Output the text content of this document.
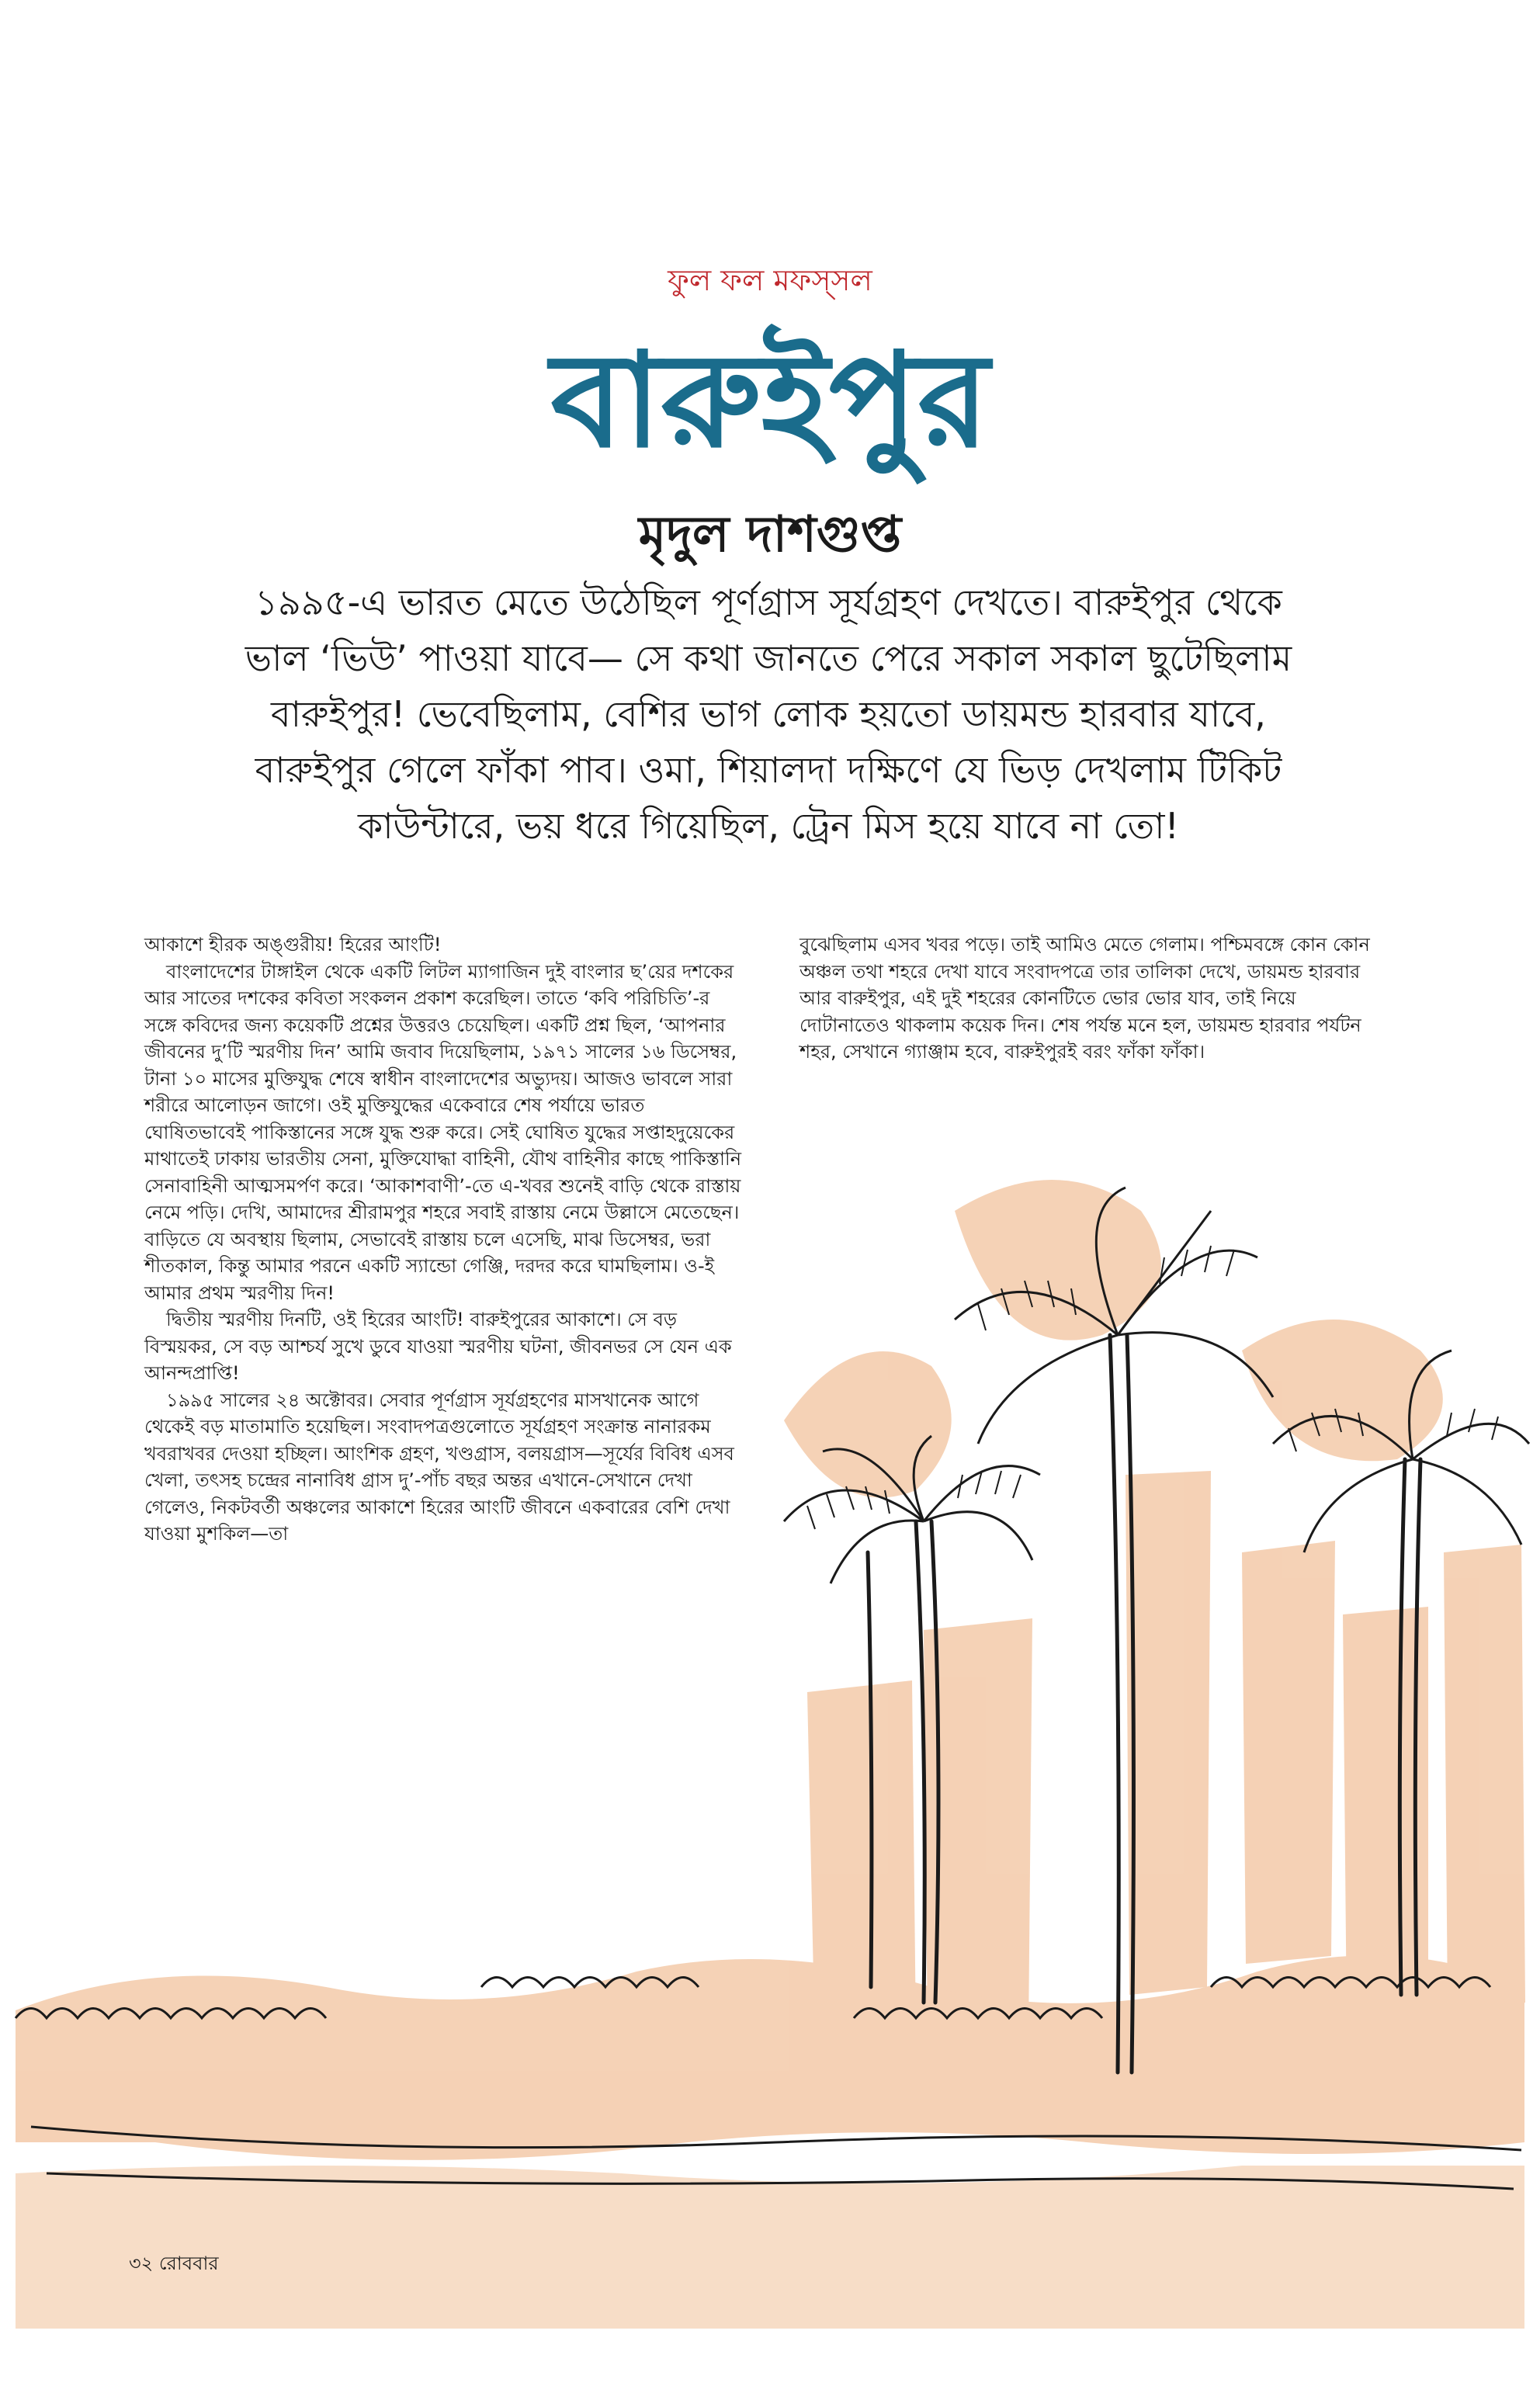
ফুল ফল মফস্‌সল
বারুইপুর
মৃদুল দাশগুপ্ত

১৯৯৫-এ ভারত মেতে উঠেছিল পূর্ণগ্রাস সূর্যগ্রহণ দেখতে। বারুইপুর থেকে

ভাল ‘ভিউ’ পাওয়া যাবে— সে কথা জানতে পেরে সকাল সকাল ছুটেছিলাম

বারুইপুর! ভেবেছিলাম, বেশির ভাগ লোক হয়তো ডায়মন্ড হারবার যাবে,

বারুইপুর গেলে ফাঁকা পাব। ওমা, শিয়ালদা দক্ষিণে যে ভিড় দেখলাম টিকিট

কাউন্টারে, ভয় ধরে গিয়েছিল, ট্রেন মিস হয়ে যাবে না তো!

আকাশে হীরক অঙ্গুরীয়! হিরের আংটি!

বাংলাদেশের টাঙ্গাইল থেকে একটি লিটল ম্যাগাজিন দুই বাংলার ছ’য়ের দশকের আর সাতের দশকের কবিতা সংকলন প্রকাশ করেছিল। তাতে ‘কবি পরিচিতি’-র সঙ্গে কবিদের জন্য কয়েকটি প্রশ্নের উত্তরও চেয়েছিল। একটি প্রশ্ন ছিল, ‘আপনার জীবনের দু’টি স্মরণীয় দিন’ আমি জবাব দিয়েছিলাম, ১৯৭১ সালের ১৬ ডিসেম্বর, টানা ১০ মাসের মুক্তিযুদ্ধ শেষে স্বাধীন বাংলাদেশের অভ্যুদয়। আজও ভাবলে সারা শরীরে আলোড়ন জাগে। ওই মুক্তিযুদ্ধের একেবারে শেষ পর্যায়ে ভারত ঘোষিতভাবেই পাকিস্তানের সঙ্গে যুদ্ধ শুরু করে। সেই ঘোষিত যুদ্ধের সপ্তাহদুয়েকের মাথাতেই ঢাকায় ভারতীয় সেনা, মুক্তিযোদ্ধা বাহিনী, যৌথ বাহিনীর কাছে পাকিস্তানি সেনাবাহিনী আত্মসমর্পণ করে। ‘আকাশবাণী’-তে এ-খবর শুনেই বাড়ি থেকে রাস্তায় নেমে পড়ি। দেখি, আমাদের শ্রীরামপুর শহরে সবাই রাস্তায় নেমে উল্লাসে মেতেছেন। বাড়িতে যে অবস্থায় ছিলাম, সেভাবেই রাস্তায় চলে এসেছি, মাঝ ডিসেম্বর, ভরা শীতকাল, কিন্তু আমার পরনে একটি স্যান্ডো গেঞ্জি, দরদর করে ঘামছিলাম। ও-ই আমার প্রথম স্মরণীয় দিন!

দ্বিতীয় স্মরণীয় দিনটি, ওই হিরের আংটি! বারুইপুরের আকাশে। সে বড় বিস্ময়কর, সে বড় আশ্চর্য সুখে ডুবে যাওয়া স্মরণীয় ঘটনা, জীবনভর সে যেন এক আনন্দপ্রাপ্তি!

১৯৯৫ সালের ২৪ অক্টোবর। সেবার পূর্ণগ্রাস সূর্যগ্রহণের মাসখানেক আগে থেকেই বড় মাতামাতি হয়েছিল। সংবাদপত্রগুলোতে সূর্যগ্রহণ সংক্রান্ত নানারকম খবরাখবর দেওয়া হচ্ছিল। আংশিক গ্রহণ, খণ্ডগ্রাস, বলয়গ্রাস—সূর্যের বিবিধ এসব খেলা, তৎসহ চন্দ্রের নানাবিধ গ্রাস দু’-পাঁচ বছর অন্তর এখানে-সেখানে দেখা গেলেও, নিকটবর্তী অঞ্চলের আকাশে হিরের আংটি জীবনে একবারের বেশি দেখা যাওয়া মুশকিল—তা

বুঝেছিলাম এসব খবর পড়ে। তাই আমিও মেতে গেলাম। পশ্চিমবঙ্গে কোন কোন অঞ্চল তথা শহরে দেখা যাবে সংবাদপত্রে তার তালিকা দেখে, ডায়মন্ড হারবার আর বারুইপুর, এই দুই শহরের কোনটিতে ভোর ভোর যাব, তাই নিয়ে দোটানাতেও থাকলাম কয়েক দিন। শেষ পর্যন্ত মনে হল, ডায়মন্ড হারবার পর্যটন শহর, সেখানে গ্যাঞ্জাম হবে, বারুইপুরই বরং ফাঁকা ফাঁকা।

৩২ রোববার
